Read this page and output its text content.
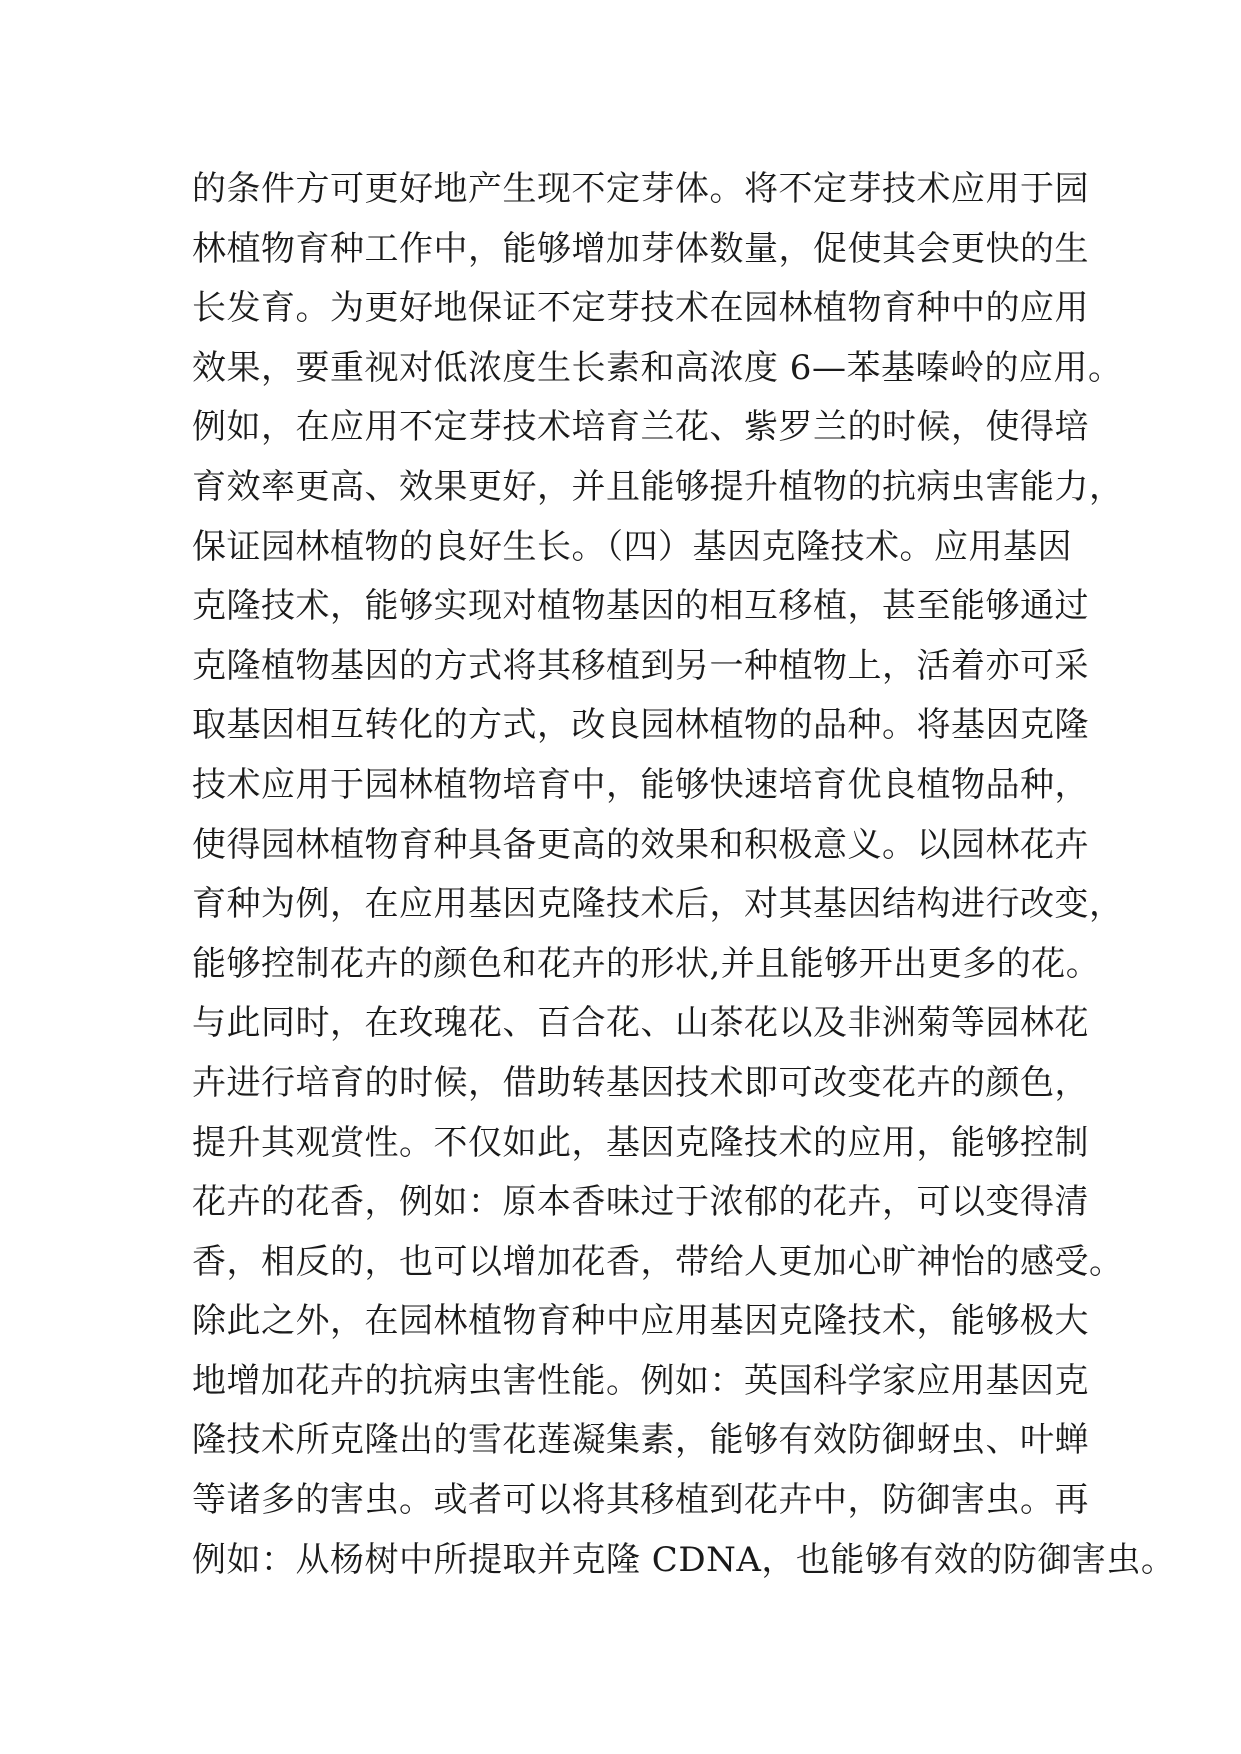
的条件方可更好地产生现不定芽体。将不定芽技术应用于园
林植物育种工作中，能够增加芽体数量，促使其会更快的生
长发育。为更好地保证不定芽技术在园林植物育种中的应用
效果，要重视对低浓度生长素和高浓度 6—苯基嗪岭的应用。
例如，在应用不定芽技术培育兰花、紫罗兰的时候，使得培
育效率更高、效果更好，并且能够提升植物的抗病虫害能力，
保证园林植物的良好生长。（四）基因克隆技术。应用基因
克隆技术，能够实现对植物基因的相互移植，甚至能够通过
克隆植物基因的方式将其移植到另一种植物上，活着亦可采
取基因相互转化的方式，改良园林植物的品种。将基因克隆
技术应用于园林植物培育中，能够快速培育优良植物品种，
使得园林植物育种具备更高的效果和积极意义。以园林花卉
育种为例，在应用基因克隆技术后，对其基因结构进行改变，
能够控制花卉的颜色和花卉的形状,并且能够开出更多的花。
与此同时，在玫瑰花、百合花、山茶花以及非洲菊等园林花
卉进行培育的时候，借助转基因技术即可改变花卉的颜色，
提升其观赏性。不仅如此，基因克隆技术的应用，能够控制
花卉的花香，例如：原本香味过于浓郁的花卉，可以变得清
香，相反的，也可以增加花香，带给人更加心旷神怡的感受。
除此之外，在园林植物育种中应用基因克隆技术，能够极大
地增加花卉的抗病虫害性能。例如：英国科学家应用基因克
隆技术所克隆出的雪花莲凝集素，能够有效防御蚜虫、叶蝉
等诸多的害虫。或者可以将其移植到花卉中，防御害虫。再
例如：从杨树中所提取并克隆 CDNA，也能够有效的防御害虫。
